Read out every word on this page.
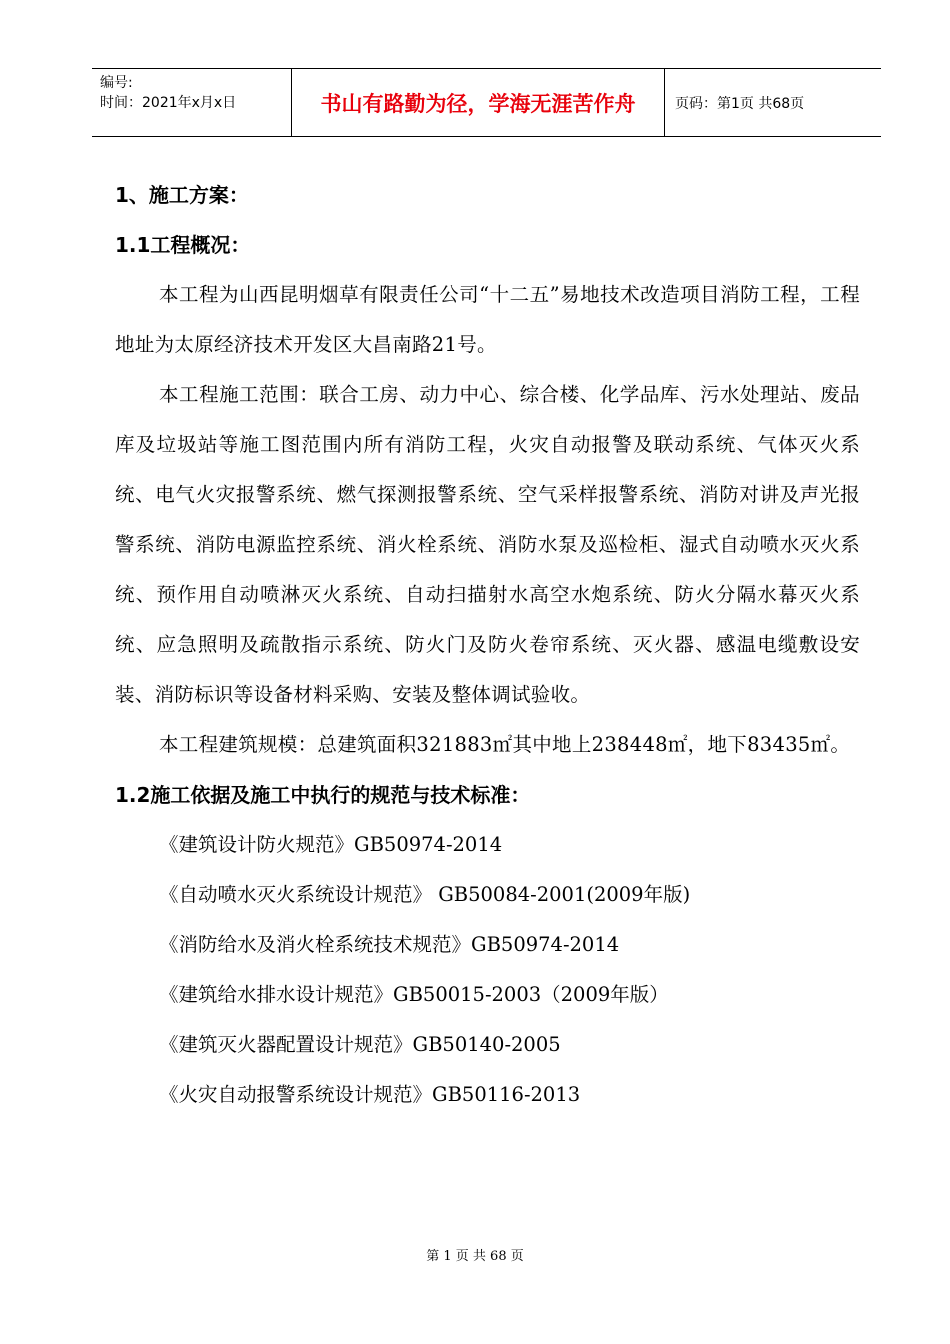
编号:
时间：2021年x月x日	书山有路勤为径，学海无涯苦作舟	页码：第1页 共68页
1、施工方案：
1.1工程概况：

本工程为山西昆明烟草有限责任公司“十二五”易地技术改造项目消防工程，工程地址为太原经济技术开发区大昌南路21号。

本工程施工范围：联合工房、动力中心、综合楼、化学品库、污水处理站、废品库及垃圾站等施工图范围内所有消防工程，火灾自动报警及联动系统、气体灭火系统、电气火灾报警系统、燃气探测报警系统、空气采样报警系统、消防对讲及声光报警系统、消防电源监控系统、消火栓系统、消防水泵及巡检柜、湿式自动喷水灭火系统、预作用自动喷淋灭火系统、自动扫描射水高空水炮系统、防火分隔水幕灭火系统、应急照明及疏散指示系统、防火门及防火卷帘系统、灭火器、感温电缆敷设安装、消防标识等设备材料采购、安装及整体调试验收。

本工程建筑规模：总建筑面积321883㎡其中地上238448㎡，地下83435㎡。

1.2施工依据及施工中执行的规范与技术标准：
《建筑设计防火规范》GB50974-2014
《自动喷水灭火系统设计规范》 GB50084-2001(2009年版)
《消防给水及消火栓系统技术规范》GB50974-2014
《建筑给水排水设计规范》GB50015-2003（2009年版）
《建筑灭火器配置设计规范》GB50140-2005
《火灾自动报警系统设计规范》GB50116-2013
第 1 页 共 68 页
